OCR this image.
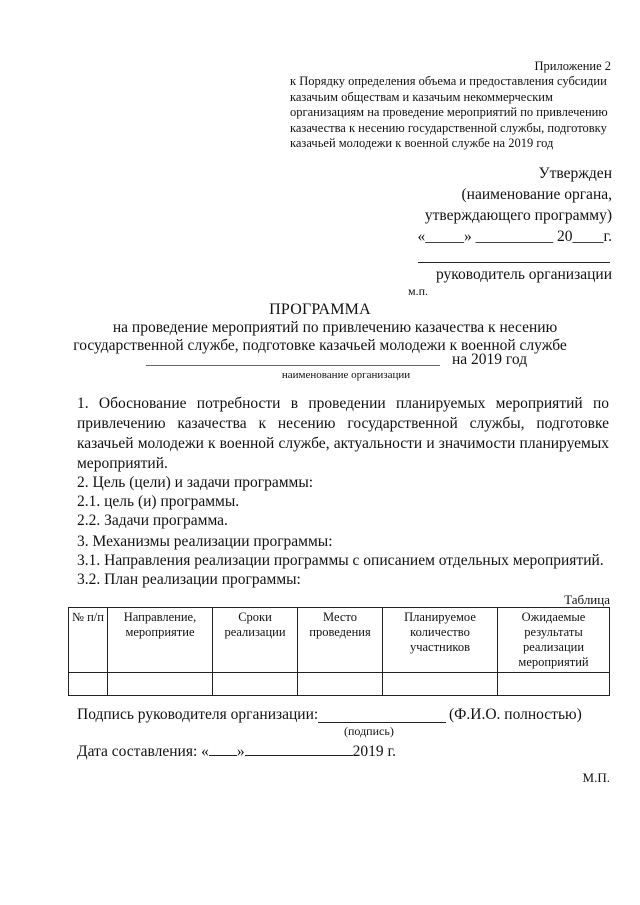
Приложение 2
к Порядку определения объема и предоставления субсидии
казачьим обществам и казачьим некоммерческим
организациям на проведение мероприятий по привлечению
казачества к несению государственной службы, подготовку
казачьей молодежи к военной службе на 2019 год
Утвержден
(наименование органа,
утверждающего программу)
«_____» __________ 20____г.
руководитель организации
м.п.
ПРОГРАММА
на проведение мероприятий по привлечению казачества к несению
государственной службе, подготовке казачьей молодежи к военной службе
на 2019 год
наименование организации
1. Обоснование потребности в проведении планируемых мероприятий по привлечению казачества к несению государственной службы, подготовке казачьей молодежи к военной службе, актуальности и значимости планируемых мероприятий.
2. Цель (цели) и задачи программы:
2.1. цель (и) программы.
2.2. Задачи программа.
3. Механизмы реализации программы:
3.1. Направления реализации программы с описанием отдельных мероприятий.
3.2. План реализации программы:
Таблица
№ п/п	Направление, мероприятие	Сроки реализации	Место проведения	Планируемое количество участников	Ожидаемые результаты реализации мероприятий

Подпись руководителя организации:	(Ф.И.О. полностью)
(подпись)
Дата составления: « »	2019 г.
М.П.
